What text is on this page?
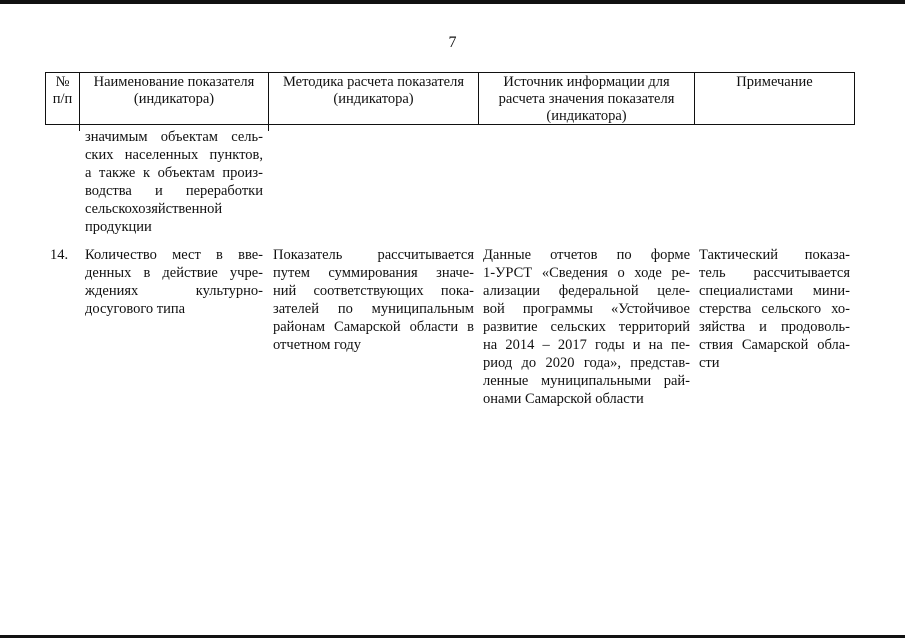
7
№
п/п
Наименование показателя
(индикатора)
Методика расчета показателя
(индикатора)
Источник информации для
расчета значения показателя
(индикатора)
Примечание
значимым объектам сель-
ских населенных пунктов,
а также к объектам произ-
водства и переработки
сельскохозяйственной
продукции
14.	Количество мест в вве-
денных в действие учре-
ждениях культурно-
досугового типа
Показатель рассчитывается
путем суммирования значе-
ний соответствующих пока-
зателей по муниципальным
районам Самарской области в
отчетном году
Данные отчетов по форме
1-УРСТ «Сведения о ходе ре-
ализации федеральной целе-
вой программы «Устойчивое
развитие сельских территорий
на 2014 – 2017 годы и на пе-
риод до 2020 года», представ-
ленные муниципальными рай-
онами Самарской области
Тактический показа-
тель рассчитывается
специалистами мини-
стерства сельского хо-
зяйства и продоволь-
ствия Самарской обла-
сти
